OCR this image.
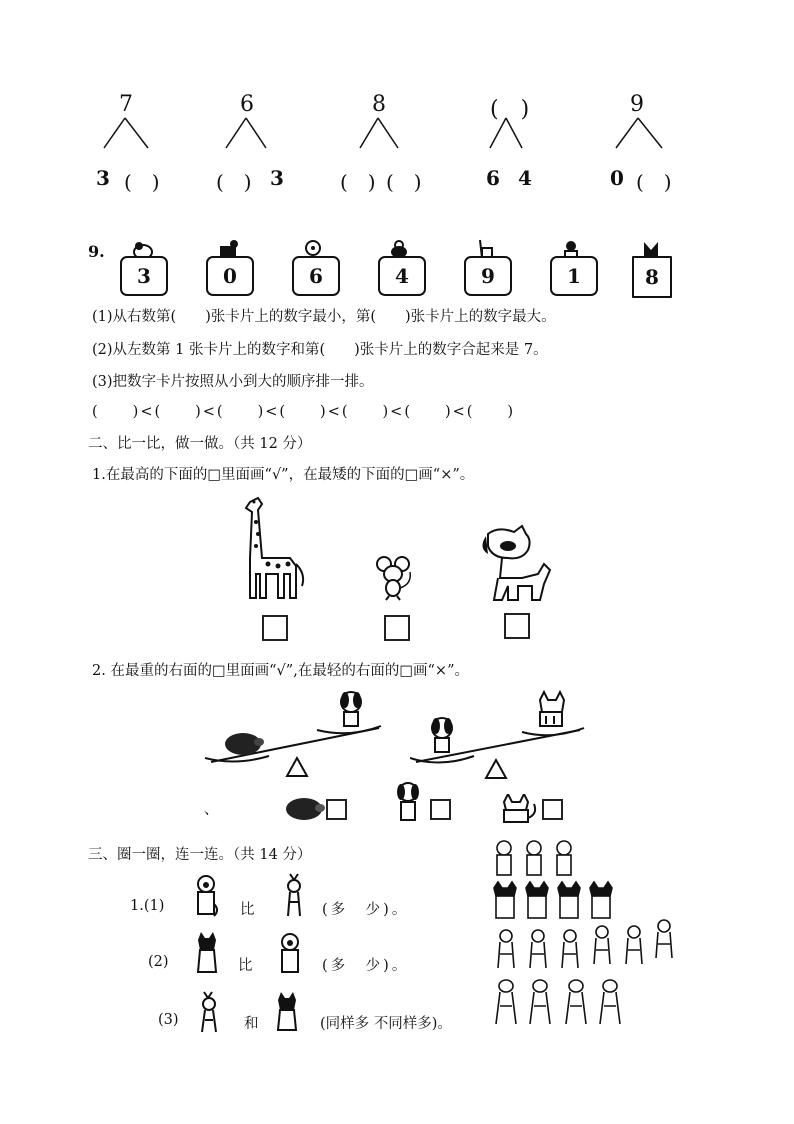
7
3 (　)
6
(　) 3
8
(　) (　)
(　)
6 4
9
0 (　)
9.
3	0	6	4	9	1	8
(1)从右数第(　　)张卡片上的数字最小，第(　　)张卡片上的数字最大。
(2)从左数第 1 张卡片上的数字和第(　　)张卡片上的数字合起来是 7。
(3)把数字卡片按照从小到大的顺序排一排。
(　　)<(　　)<(　　)<(　　)<(　　)<(　　)<(　　)
二、比一比，做一做。（共 12 分）
1.在最高的下面的□里面画“√”，在最矮的下面的□画“×”。
2. 在最重的右面的□里面画“√”,在最轻的右面的□画“×”。
、
三、圈一圈，连一连。（共 14 分）
1.(1)	比	(多　少)。
(2)	比	(多　少)。
(3)	和	(同样多 不同样多)。
